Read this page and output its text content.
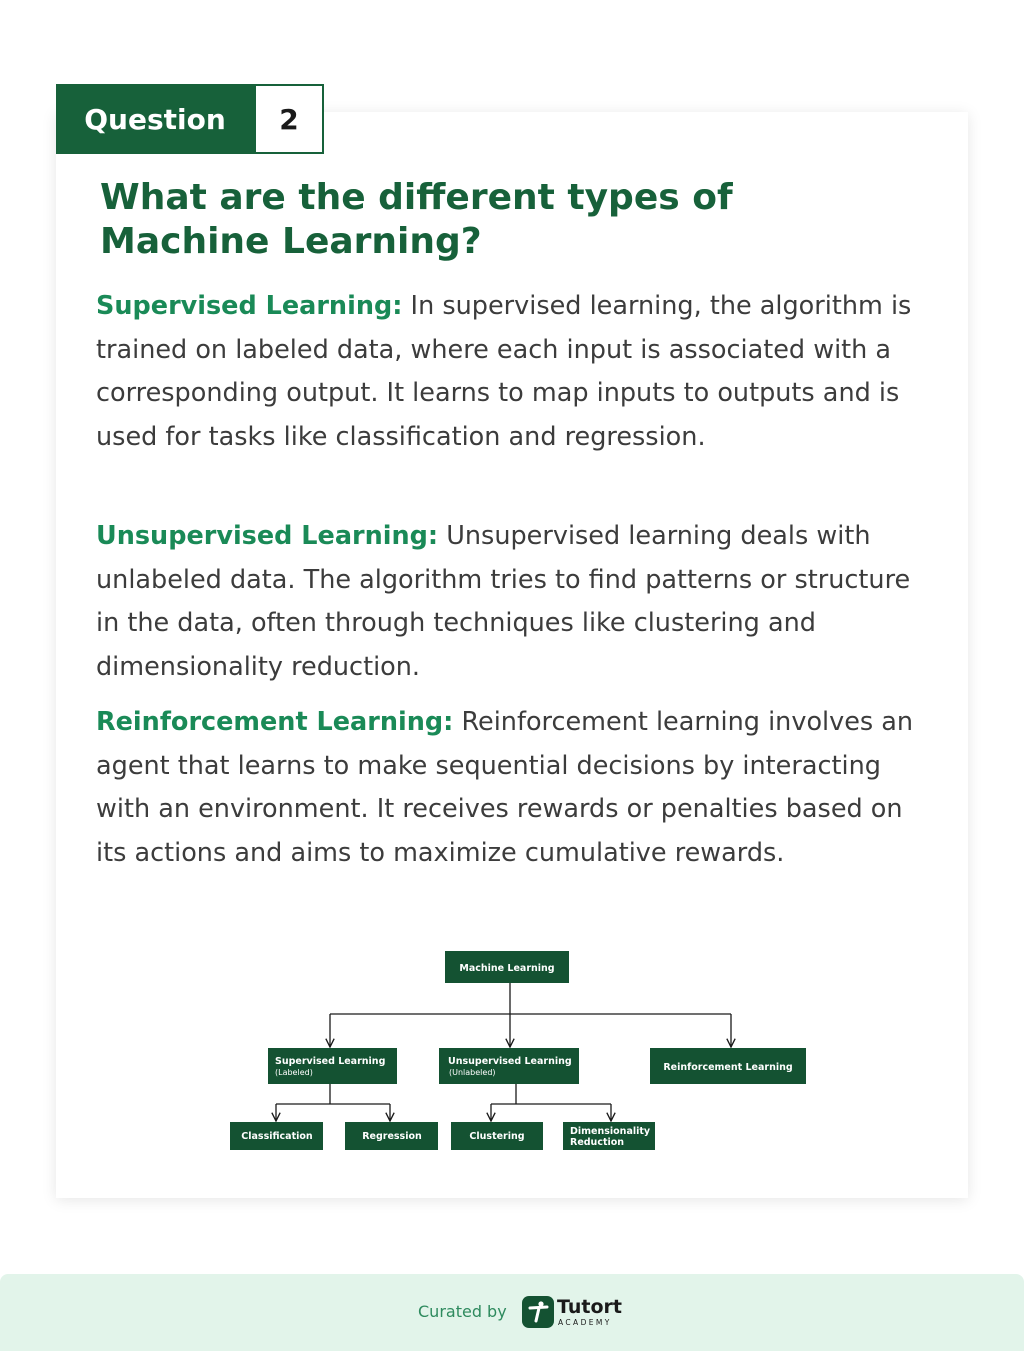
Question	2
What are the different types of Machine Learning?

Supervised Learning: In supervised learning, the algorithm is trained on labeled data, where each input is associated with a corresponding output. It learns to map inputs to outputs and is used for tasks like classification and regression.

Unsupervised Learning: Unsupervised learning deals with unlabeled data. The algorithm tries to find patterns or structure in the data, often through techniques like clustering and dimensionality reduction.

Reinforcement Learning: Reinforcement learning involves an agent that learns to make sequential decisions by interacting with an environment. It receives rewards or penalties based on its actions and aims to maximize cumulative rewards.

Machine Learning
Supervised Learning
(Labeled)
Unsupervised Learning
(Unlabeled)	Reinforcement Learning
Classification	Regression	Clustering	Dimensionality
Reduction
Curated by	Tutort
ACADEMY
